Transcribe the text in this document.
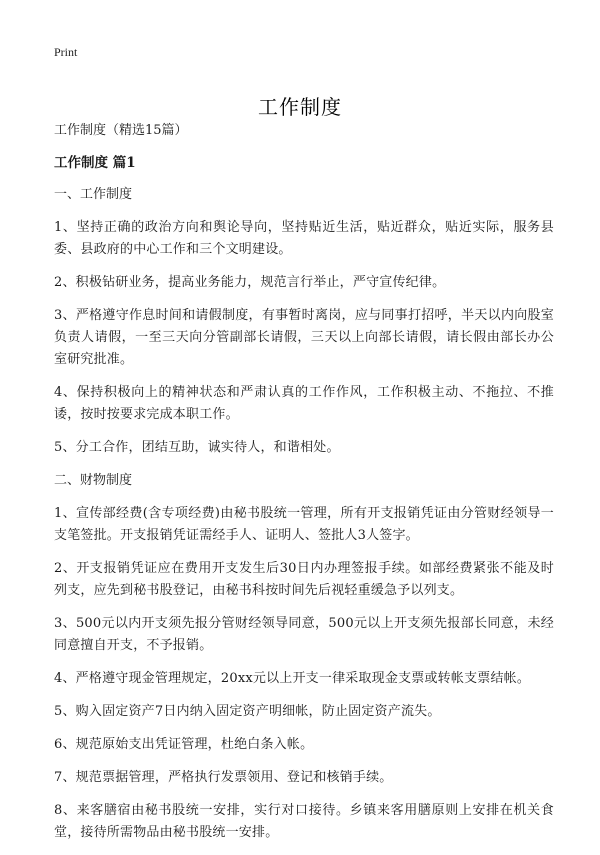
Print
工作制度

工作制度（精选15篇）

工作制度 篇1

一、工作制度

1、坚持正确的政治方向和舆论导向，坚持贴近生活，贴近群众，贴近实际，服务县委、县政府的中心工作和三个文明建设。

2、积极钻研业务，提高业务能力，规范言行举止，严守宣传纪律。

3、严格遵守作息时间和请假制度，有事暂时离岗，应与同事打招呼，半天以内向股室负责人请假，一至三天向分管副部长请假，三天以上向部长请假，请长假由部长办公室研究批准。

4、保持积极向上的精神状态和严肃认真的工作作风，工作积极主动、不拖拉、不推诿，按时按要求完成本职工作。

5、分工合作，团结互助，诚实待人，和谐相处。

二、财物制度

1、宣传部经费(含专项经费)由秘书股统一管理，所有开支报销凭证由分管财经领导一支笔签批。开支报销凭证需经手人、证明人、签批人3人签字。

2、开支报销凭证应在费用开支发生后30日内办理签报手续。如部经费紧张不能及时列支，应先到秘书股登记，由秘书科按时间先后视轻重缓急予以列支。

3、500元以内开支须先报分管财经领导同意，500元以上开支须先报部长同意，未经同意擅自开支，不予报销。

4、严格遵守现金管理规定，20xx元以上开支一律采取现金支票或转帐支票结帐。

5、购入固定资产7日内纳入固定资产明细帐，防止固定资产流失。

6、规范原始支出凭证管理，杜绝白条入帐。

7、规范票据管理，严格执行发票领用、登记和核销手续。

8、来客膳宿由秘书股统一安排，实行对口接待。乡镇来客用膳原则上安排在机关食堂，接待所需物品由秘书股统一安排。
